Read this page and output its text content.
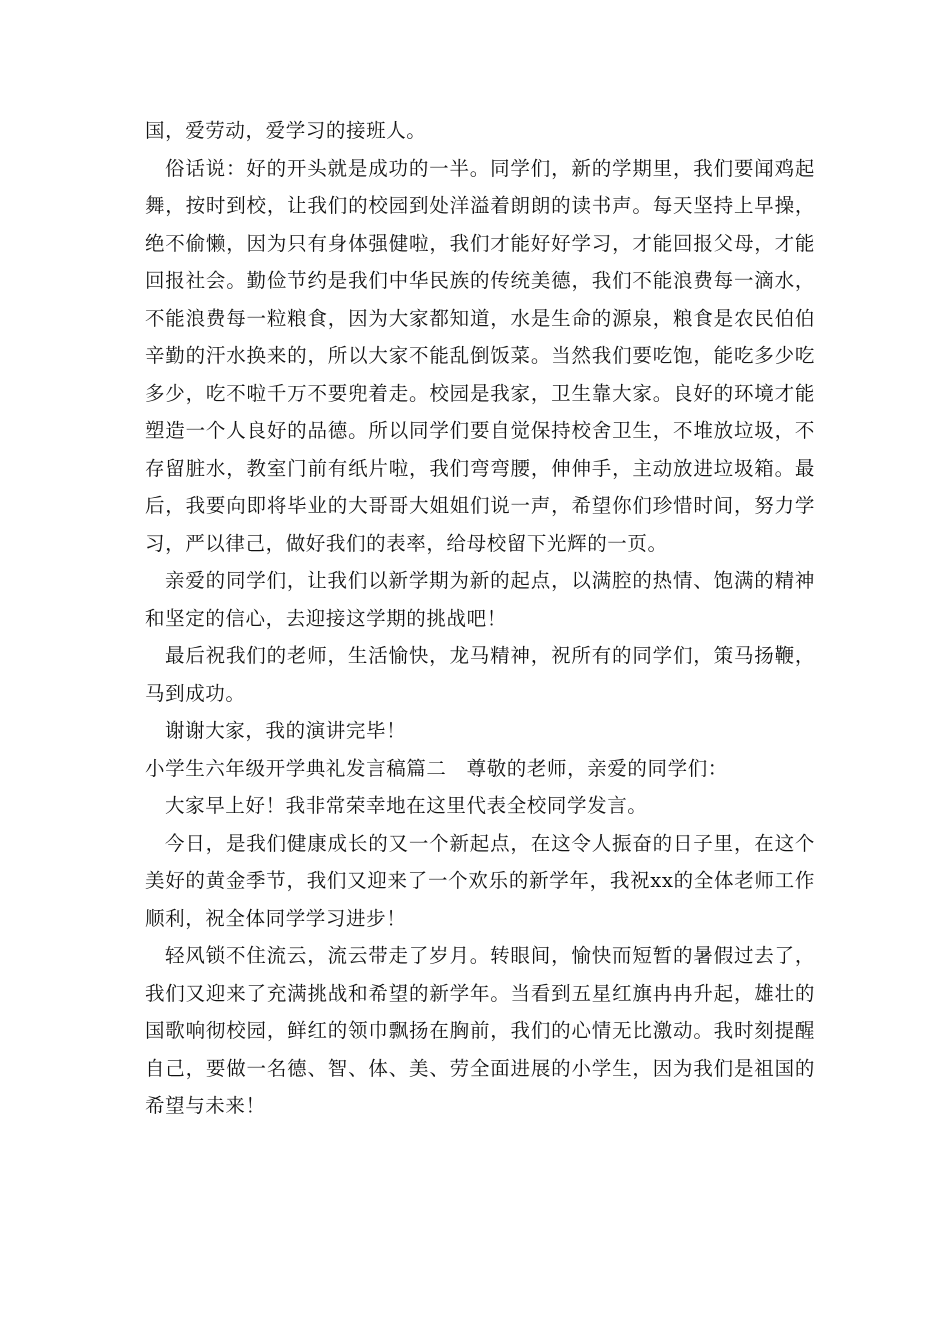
国，爱劳动，爱学习的接班人。

俗话说：好的开头就是成功的一半。同学们，新的学期里，我们要闻鸡起舞，按时到校，让我们的校园到处洋溢着朗朗的读书声。每天坚持上早操，绝不偷懒，因为只有身体强健啦，我们才能好好学习，才能回报父母，才能回报社会。勤俭节约是我们中华民族的传统美德，我们不能浪费每一滴水，不能浪费每一粒粮食，因为大家都知道，水是生命的源泉，粮食是农民伯伯辛勤的汗水换来的，所以大家不能乱倒饭菜。当然我们要吃饱，能吃多少吃多少，吃不啦千万不要兜着走。校园是我家，卫生靠大家。良好的环境才能塑造一个人良好的品德。所以同学们要自觉保持校舍卫生，不堆放垃圾，不存留脏水，教室门前有纸片啦，我们弯弯腰，伸伸手，主动放进垃圾箱。最后，我要向即将毕业的大哥哥大姐姐们说一声，希望你们珍惜时间，努力学习，严以律己，做好我们的表率，给母校留下光辉的一页。

亲爱的同学们，让我们以新学期为新的起点，以满腔的热情、饱满的精神和坚定的信心，去迎接这学期的挑战吧！

最后祝我们的老师，生活愉快，龙马精神，祝所有的同学们，策马扬鞭，马到成功。

谢谢大家，我的演讲完毕！

小学生六年级开学典礼发言稿篇二　尊敬的老师，亲爱的同学们：

大家早上好！我非常荣幸地在这里代表全校同学发言。

今日，是我们健康成长的又一个新起点，在这令人振奋的日子里，在这个美好的黄金季节，我们又迎来了一个欢乐的新学年，我祝xx的全体老师工作顺利，祝全体同学学习进步！

轻风锁不住流云，流云带走了岁月。转眼间，愉快而短暂的暑假过去了，我们又迎来了充满挑战和希望的新学年。当看到五星红旗冉冉升起，雄壮的国歌响彻校园，鲜红的领巾飘扬在胸前，我们的心情无比激动。我时刻提醒自己，要做一名德、智、体、美、劳全面进展的小学生，因为我们是祖国的希望与未来！
